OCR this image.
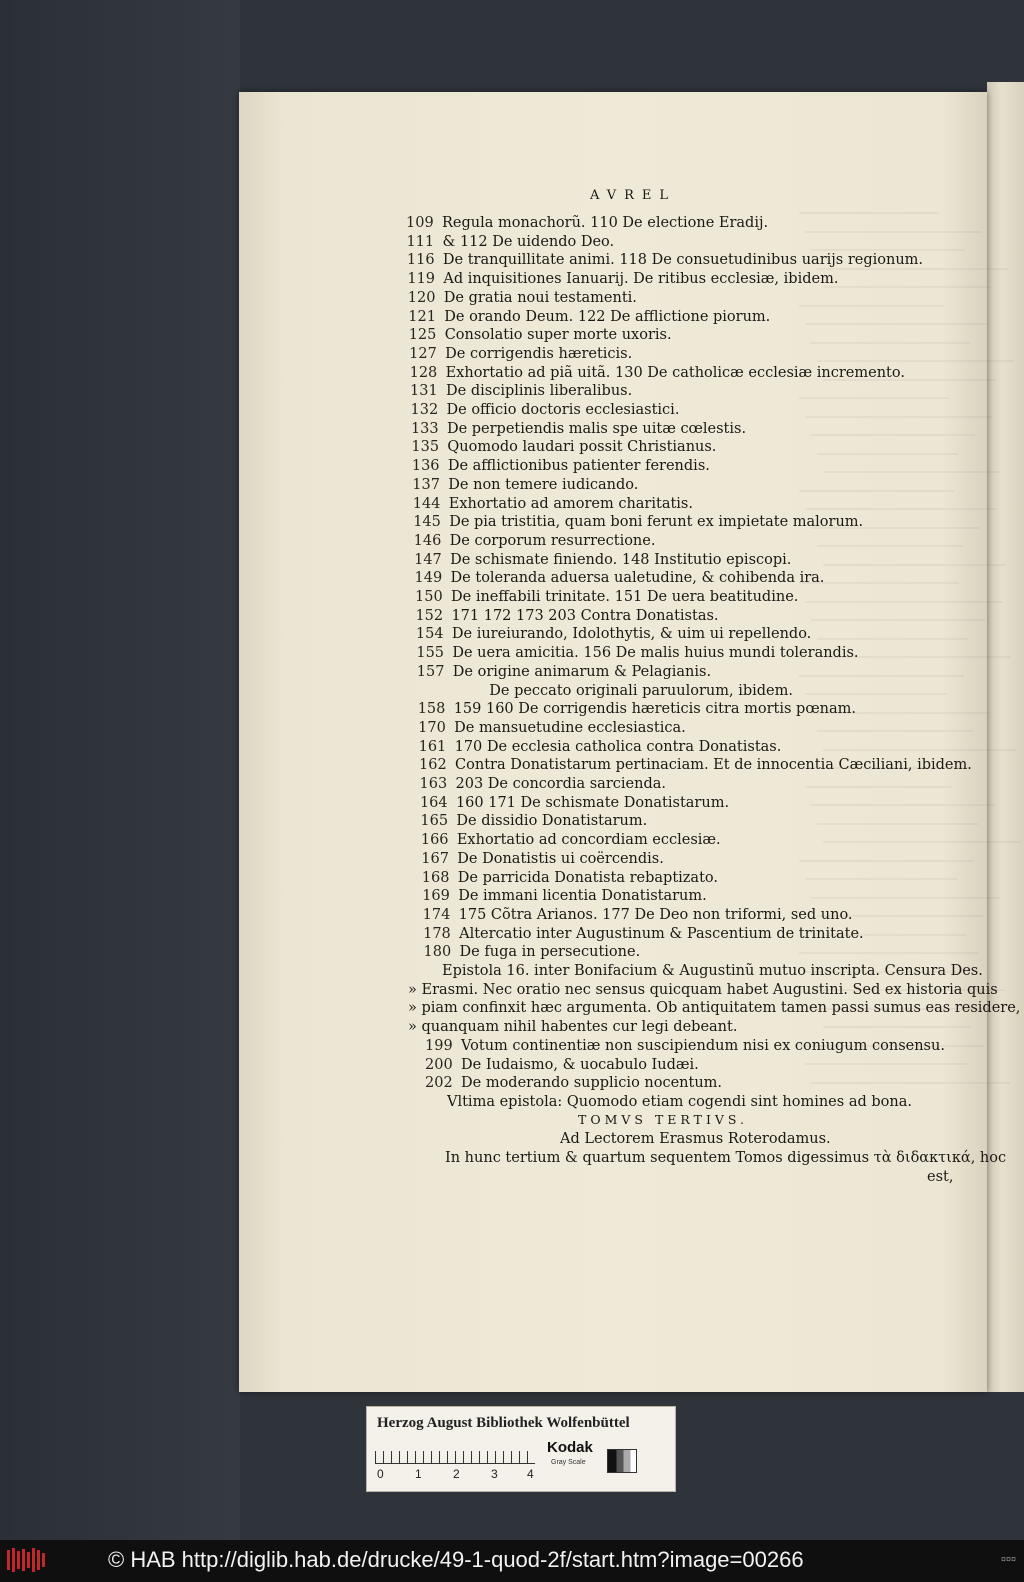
AVREL
109 Regula monachorũ. 110 De electione Eradij.
111 & 112 De uidendo Deo.
116 De tranquillitate animi. 118 De consuetudinibus uarijs regionum.
119 Ad inquisitiones Ianuarij. De ritibus ecclesiæ, ibidem.
120 De gratia noui testamenti.
121 De orando Deum. 122 De afflictione piorum.
125 Consolatio super morte uxoris.
127 De corrigendis hæreticis.
128 Exhortatio ad piã uitã. 130 De catholicæ ecclesiæ incremento.
131 De disciplinis liberalibus.
132 De officio doctoris ecclesiastici.
133 De perpetiendis malis spe uitæ cœlestis.
135 Quomodo laudari possit Christianus.
136 De afflictionibus patienter ferendis.
137 De non temere iudicando.
144 Exhortatio ad amorem charitatis.
145 De pia tristitia, quam boni ferunt ex impietate malorum.
146 De corporum resurrectione.
147 De schismate finiendo. 148 Institutio episcopi.
149 De toleranda aduersa ualetudine, & cohibenda ira.
150 De ineffabili trinitate. 151 De uera beatitudine.
152 171 172 173 203 Contra Donatistas.
154 De iureiurando, Idolothytis, & uim ui repellendo.
155 De uera amicitia. 156 De malis huius mundi tolerandis.
157 De origine animarum & Pelagianis.
De peccato originali paruulorum, ibidem.
158 159 160 De corrigendis hæreticis citra mortis pœnam.
170 De mansuetudine ecclesiastica.
161 170 De ecclesia catholica contra Donatistas.
162 Contra Donatistarum pertinaciam. Et de innocentia Cæciliani, ibidem.
163 203 De concordia sarcienda.
164 160 171 De schismate Donatistarum.
165 De dissidio Donatistarum.
166 Exhortatio ad concordiam ecclesiæ.
167 De Donatistis ui coërcendis.
168 De parricida Donatista rebaptizato.
169 De immani licentia Donatistarum.
174 175 Cõtra Arianos. 177 De Deo non triformi, sed uno.
178 Altercatio inter Augustinum & Pascentium de trinitate.
180 De fuga in persecutione.
Epistola 16. inter Bonifacium & Augustinũ mutuo inscripta. Censura Des.
» Erasmi. Nec oratio nec sensus quicquam habet Augustini. Sed ex historia quis
» piam confinxit hæc argumenta. Ob antiquitatem tamen passi sumus eas residere,
» quanquam nihil habentes cur legi debeant.
199 Votum continentiæ non suscipiendum nisi ex coniugum consensu.
200 De Iudaismo, & uocabulo Iudæi.
202 De moderando supplicio nocentum.
Vltima epistola: Quomodo etiam cogendi sint homines ad bona.
TOMVS TERTIVS.
Ad Lectorem Erasmus Roterodamus.
In hunc tertium & quartum sequentem Tomos digessimus τὰ διδακτικά, hoc
est,
Herzog August Bibliothek Wolfenbüttel
0	1	2	3 4
Kodak
Gray Scale
© HAB http://diglib.hab.de/drucke/49-1-quod-2f/start.htm?image=00266	¤¤¤
